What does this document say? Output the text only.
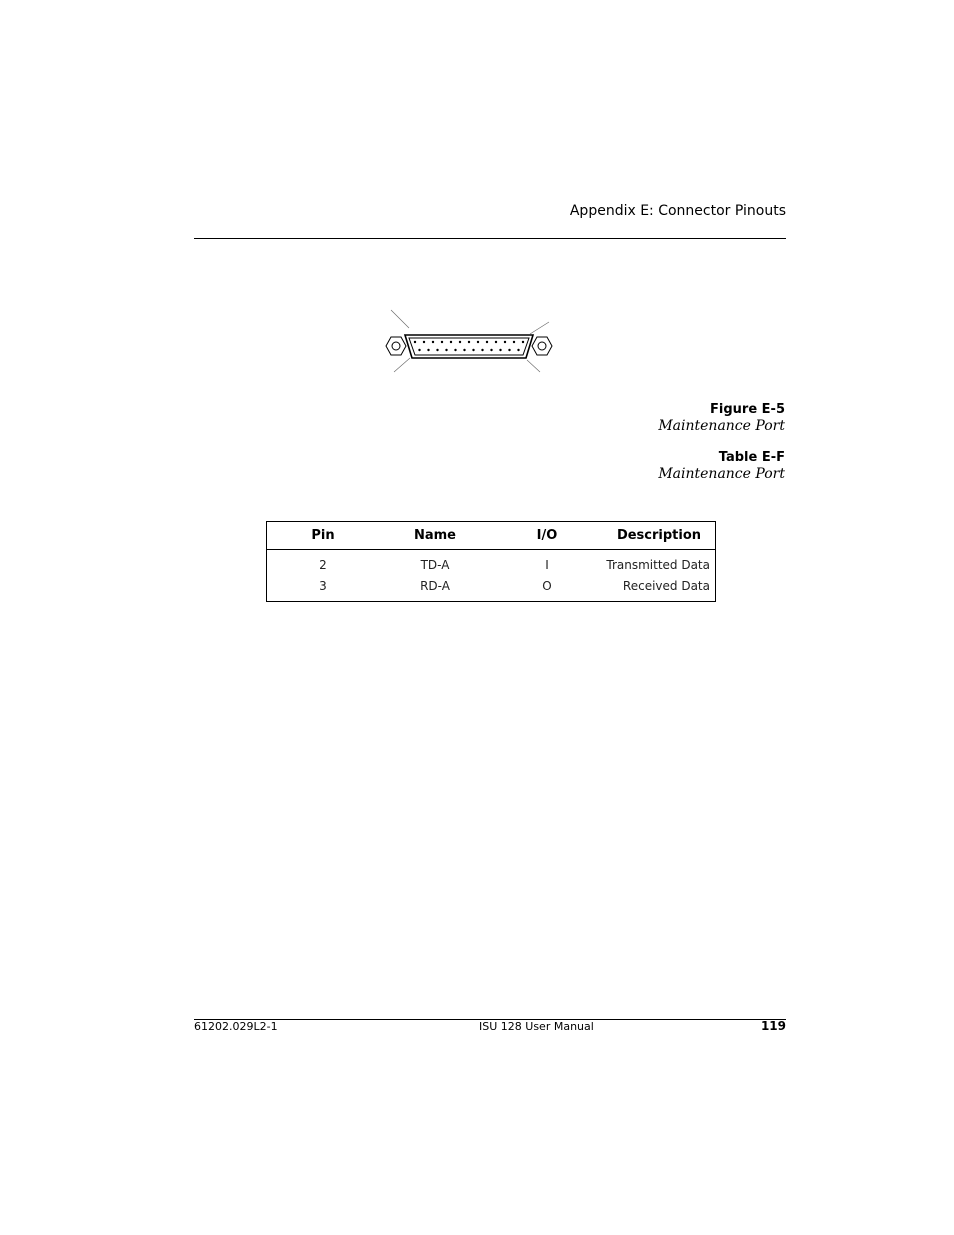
Appendix E: Connector Pinouts
Figure E-5
Maintenance Port
Table E-F
Maintenance Port
Pin	Name	I/O	Description
2	TD-A	I	Transmitted Data
3	RD-A	O	Received Data
61202.029L2-1	ISU 128 User Manual	119
